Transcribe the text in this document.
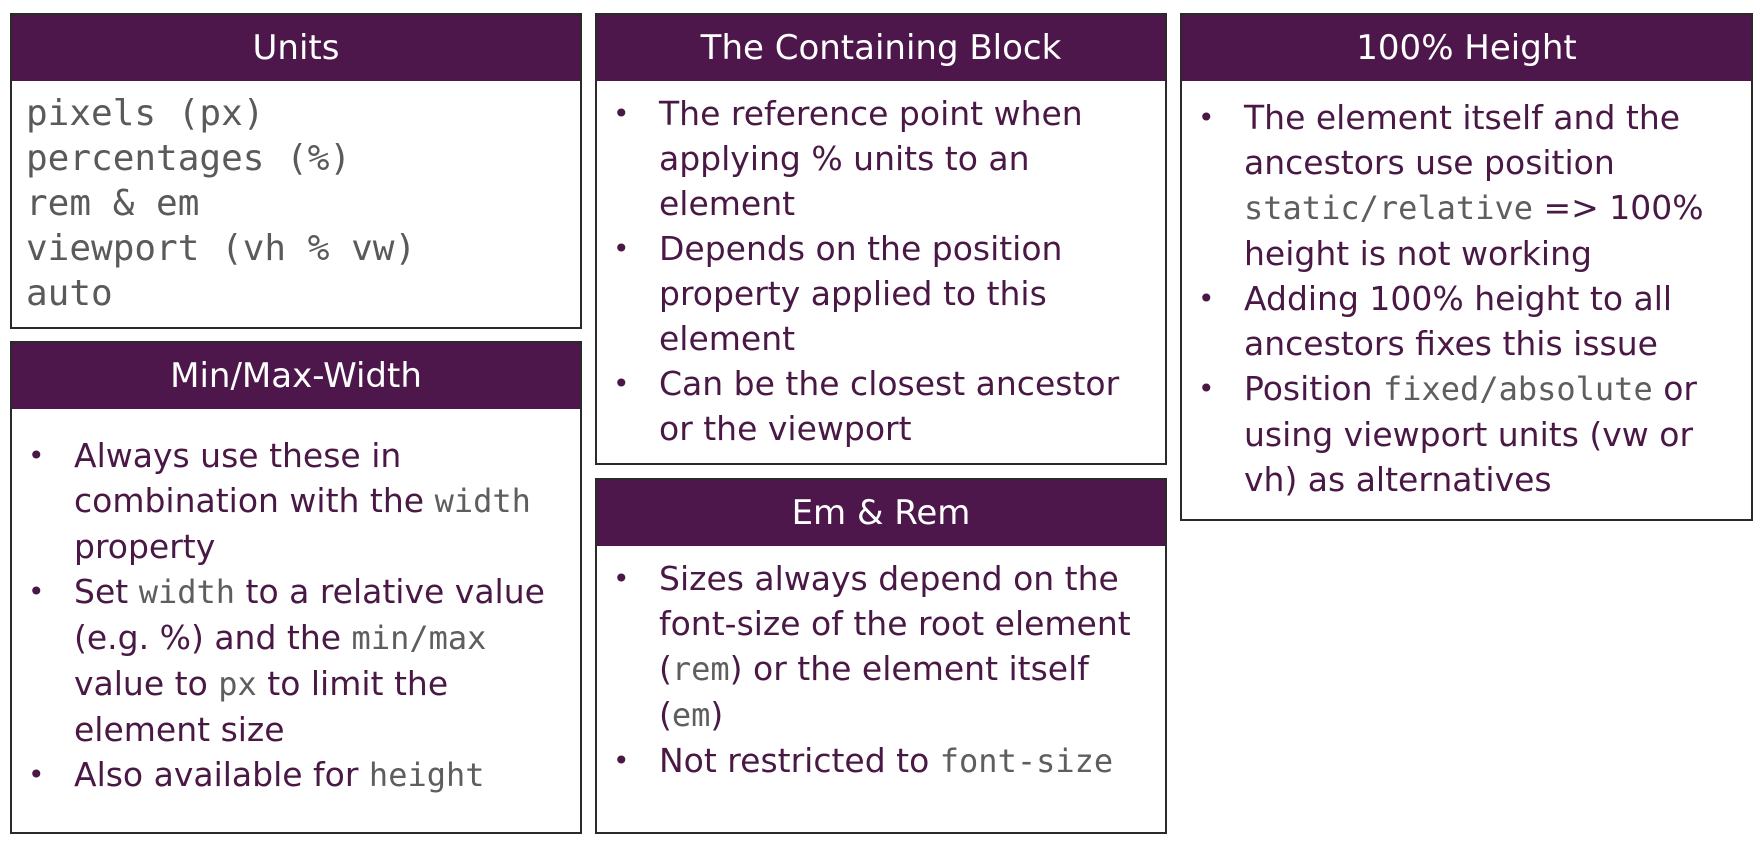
Units
pixels (px)
percentages (%)
rem & em
viewport (vh % vw)
auto
Min/Max-Width
• Always use these in combination with the width property
• Set width to a relative value (e.g. %) and the min/max value to px to limit the element size
• Also available for height
The Containing Block
• The reference point when applying % units to an element
• Depends on the position property applied to this element
• Can be the closest ancestor or the viewport
Em & Rem
• Sizes always depend on the font-size of the root element (rem) or the element itself (em)
• Not restricted to font-size
100% Height
• The element itself and the ancestors use position static/relative => 100% height is not working
• Adding 100% height to all ancestors fixes this issue
• Position fixed/absolute or using viewport units (vw or vh) as alternatives
